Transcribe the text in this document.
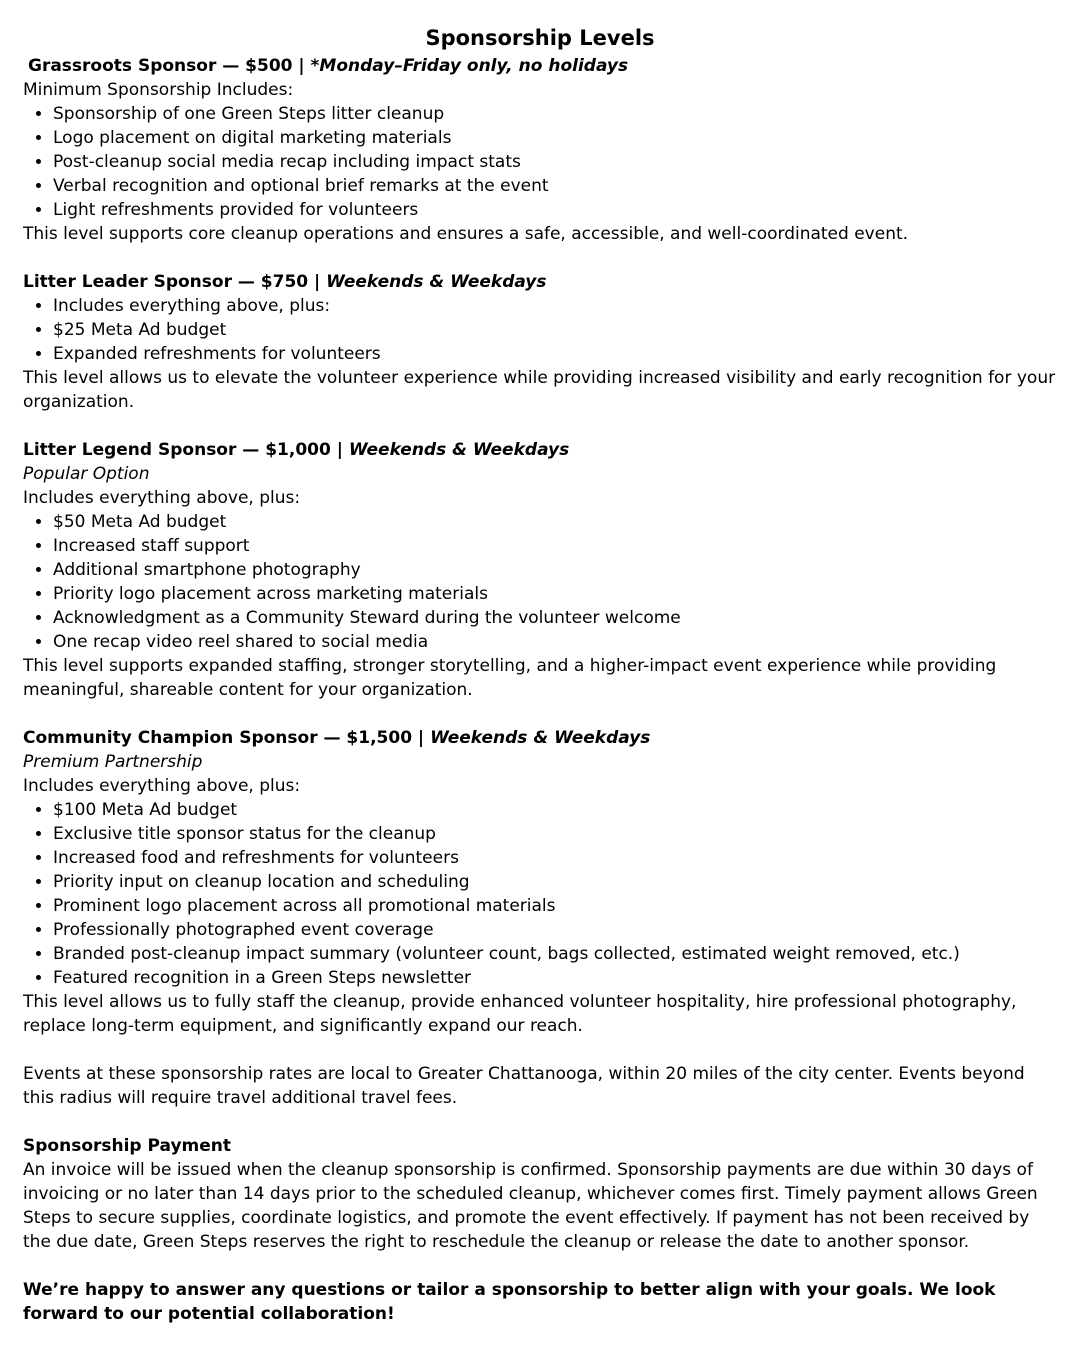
Sponsorship Levels

Grassroots Sponsor — $500 | *Monday–Friday only, no holidays

Minimum Sponsorship Includes:

• Sponsorship of one Green Steps litter cleanup
• Logo placement on digital marketing materials
• Post-cleanup social media recap including impact stats
• Verbal recognition and optional brief remarks at the event
• Light refreshments provided for volunteers

This level supports core cleanup operations and ensures a safe, accessible, and well-coordinated event.

Litter Leader Sponsor — $750 | Weekends & Weekdays

• Includes everything above, plus:
• $25 Meta Ad budget
• Expanded refreshments for volunteers

This level allows us to elevate the volunteer experience while providing increased visibility and early recognition for your organization.

Litter Legend Sponsor — $1,000 | Weekends & Weekdays

Popular Option

Includes everything above, plus:

• $50 Meta Ad budget
• Increased staff support
• Additional smartphone photography
• Priority logo placement across marketing materials
• Acknowledgment as a Community Steward during the volunteer welcome
• One recap video reel shared to social media

This level supports expanded staffing, stronger storytelling, and a higher-impact event experience while providing meaningful, shareable content for your organization.

Community Champion Sponsor — $1,500 | Weekends & Weekdays

Premium Partnership

Includes everything above, plus:

• $100 Meta Ad budget
• Exclusive title sponsor status for the cleanup
• Increased food and refreshments for volunteers
• Priority input on cleanup location and scheduling
• Prominent logo placement across all promotional materials
• Professionally photographed event coverage
• Branded post-cleanup impact summary (volunteer count, bags collected, estimated weight removed, etc.)
• Featured recognition in a Green Steps newsletter

This level allows us to fully staff the cleanup, provide enhanced volunteer hospitality, hire professional photography, replace long-term equipment, and significantly expand our reach.

Events at these sponsorship rates are local to Greater Chattanooga, within 20 miles of the city center. Events beyond this radius will require travel additional travel fees.

Sponsorship Payment

An invoice will be issued when the cleanup sponsorship is confirmed. Sponsorship payments are due within 30 days of invoicing or no later than 14 days prior to the scheduled cleanup, whichever comes first. Timely payment allows Green Steps to secure supplies, coordinate logistics, and promote the event effectively. If payment has not been received by the due date, Green Steps reserves the right to reschedule the cleanup or release the date to another sponsor.

We’re happy to answer any questions or tailor a sponsorship to better align with your goals. We look forward to our potential collaboration!
